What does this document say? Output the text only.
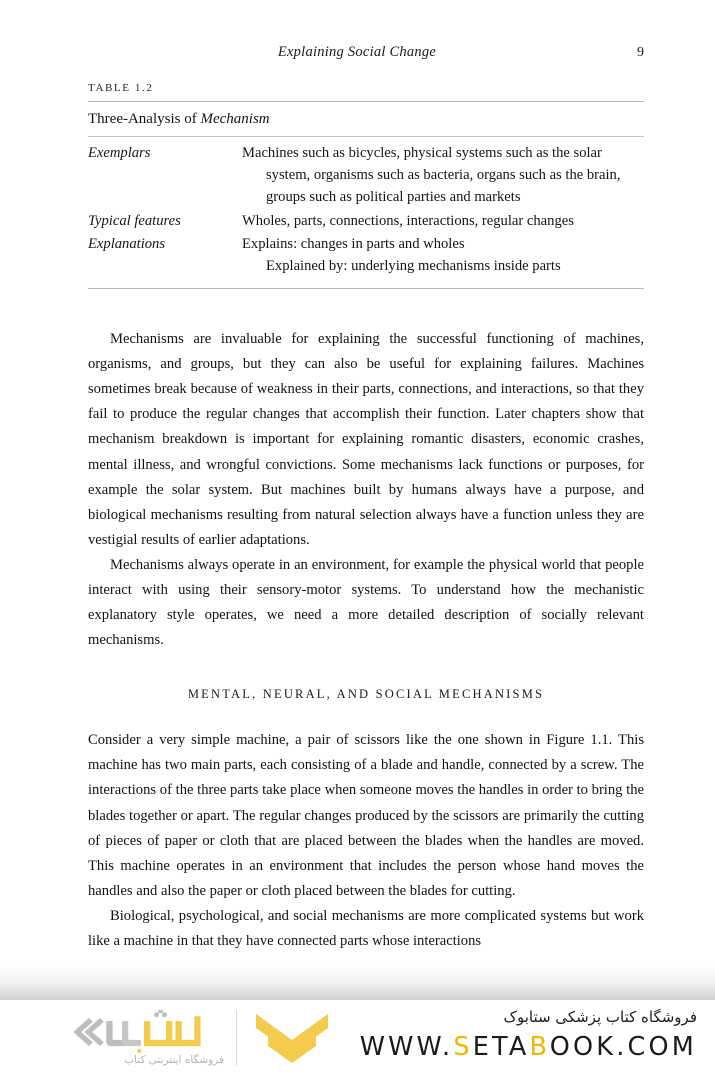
Explaining Social Change	9
TABLE 1.2
Three-Analysis of Mechanism
Exemplars	Machines such as bicycles, physical systems such as the solar
system, organisms such as bacteria, organs such as the brain,
groups such as political parties and markets

Typical features	Wholes, parts, connections, interactions, regular changes
Explanations	Explains: changes in parts and wholes
Explained by: underlying mechanisms inside parts

Mechanisms are invaluable for explaining the successful functioning of machines, organisms, and groups, but they can also be useful for explaining failures. Machines sometimes break because of weakness in their parts, connections, and interactions, so that they fail to produce the regular changes that accomplish their function. Later chapters show that mechanism breakdown is important for explaining romantic disasters, economic crashes, mental illness, and wrongful convictions. Some mechanisms lack functions or purposes, for example the solar system. But machines built by humans always have a purpose, and biological mechanisms resulting from natural selection always have a function unless they are vestigial results of earlier adaptations.

Mechanisms always operate in an environment, for example the physical world that people interact with using their sensory-motor systems. To understand how the mechanistic explanatory style operates, we need a more detailed description of socially relevant mechanisms.

MENTAL, NEURAL, AND SOCIAL MECHANISMS

Consider a very simple machine, a pair of scissors like the one shown in Figure 1.1. This machine has two main parts, each consisting of a blade and handle, connected by a screw. The interactions of the three parts take place when someone moves the handles in order to bring the blades together or apart. The regular changes produced by the scissors are primarily the cutting of pieces of paper or cloth that are placed between the blades when the handles are moved. This machine operates in an environment that includes the person whose hand moves the handles and also the paper or cloth placed between the blades for cutting.

Biological, psychological, and social mechanisms are more complicated systems but work like a machine in that they have connected parts whose interactions

فروشگاه اینترنتی کتاب
فروشگاه کتاب پزشکی ستابوک
WWW.SETABOOK.COM
